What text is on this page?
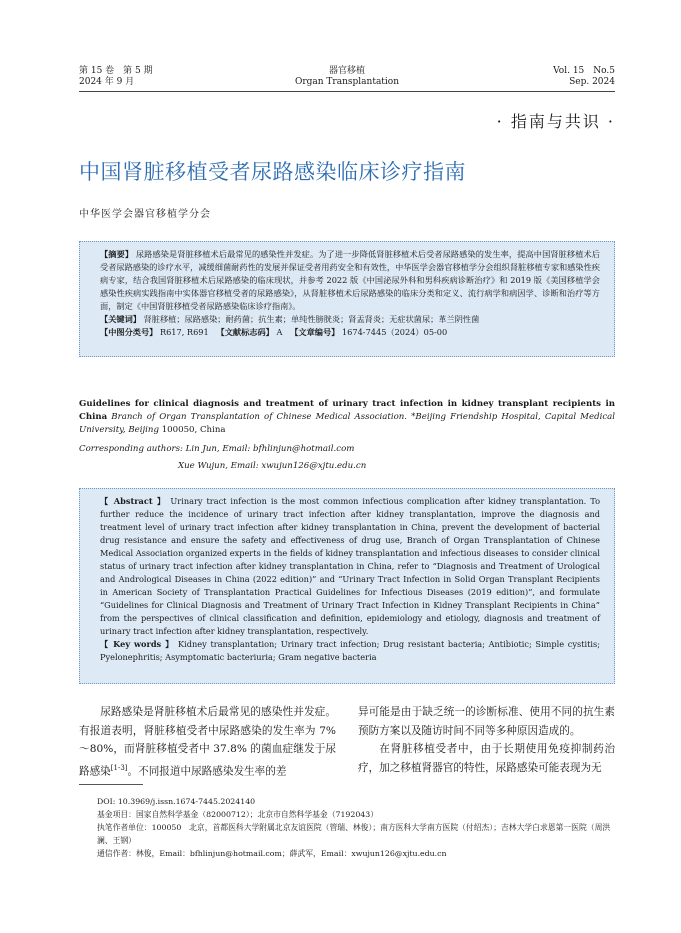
第 15 卷　第 5 期
2024 年 9 月
器官移植
Organ Transplantation
Vol. 15　No.5
Sep. 2024
· 指南与共识 ·
中国肾脏移植受者尿路感染临床诊疗指南
中华医学会器官移植学分会

【摘要】 尿路感染是肾脏移植术后最常见的感染性并发症。为了进一步降低肾脏移植术后受者尿路感染的发生率，提高中国肾脏移植术后受者尿路感染的诊疗水平，减缓细菌耐药性的发展并保证受者用药安全和有效性，中华医学会器官移植学分会组织肾脏移植专家和感染性疾病专家，结合我国肾脏移植术后尿路感染的临床现状，并参考 2022 版《中国泌尿外科和男科疾病诊断治疗》和 2019 版《美国移植学会感染性疾病实践指南中实体器官移植受者的尿路感染》，从肾脏移植术后尿路感染的临床分类和定义、流行病学和病因学、诊断和治疗等方面，制定《中国肾脏移植受者尿路感染临床诊疗指南》。

【关键词】 肾脏移植；尿路感染；耐药菌；抗生素；单纯性膀胱炎；肾盂肾炎；无症状菌尿；革兰阴性菌

【中图分类号】 R617, R691 【文献标志码】 A 【文章编号】 1674-7445（2024）05-00

Guidelines for clinical diagnosis and treatment of urinary tract infection in kidney transplant recipients in China Branch of Organ Transplantation of Chinese Medical Association. *Beijing Friendship Hospital, Capital Medical University, Beijing 100050, China
Corresponding authors: Lin Jun, Email: bfhlinjun@hotmail.com
Xue Wujun, Email: xwujun126@xjtu.edu.cn

【 Abstract 】 Urinary tract infection is the most common infectious complication after kidney transplantation. To further reduce the incidence of urinary tract infection after kidney transplantation, improve the diagnosis and treatment level of urinary tract infection after kidney transplantation in China, prevent the development of bacterial drug resistance and ensure the safety and effectiveness of drug use, Branch of Organ Transplantation of Chinese Medical Association organized experts in the fields of kidney transplantation and infectious diseases to consider clinical status of urinary tract infection after kidney transplantation in China, refer to “Diagnosis and Treatment of Urological and Andrological Diseases in China (2022 edition)” and “Urinary Tract Infection in Solid Organ Transplant Recipients in American Society of Transplantation Practical Guidelines for Infectious Diseases (2019 edition)”, and formulate “Guidelines for Clinical Diagnosis and Treatment of Urinary Tract Infection in Kidney Transplant Recipients in China” from the perspectives of clinical classification and definition, epidemiology and etiology, diagnosis and treatment of urinary tract infection after kidney transplantation, respectively.

【 Key words 】 Kidney transplantation; Urinary tract infection; Drug resistant bacteria; Antibiotic; Simple cystitis; Pyelonephritis; Asymptomatic bacteriuria; Gram negative bacteria

尿路感染是肾脏移植术后最常见的感染性并发症。有报道表明，肾脏移植受者中尿路感染的发生率为 7%～80%，而肾脏移植受者中 37.8% 的菌血症继发于尿路感染[1-3]。不同报道中尿路感染发生率的差

异可能是由于缺乏统一的诊断标准、使用不同的抗生素预防方案以及随访时间不同等多种原因造成的。

在肾脏移植受者中，由于长期使用免疫抑制药治疗，加之移植肾器官的特性，尿路感染可能表现为无

DOI: 10.3969/j.issn.1674-7445.2024140
基金项目：国家自然科学基金（82000712）；北京市自然科学基金（7192043）
执笔作者单位：100050　北京，首都医科大学附属北京友谊医院（管瑞、林俊）；南方医科大学南方医院（付绍杰）；吉林大学白求恩第一医院（周洪澜、王钢）
通信作者：林俊，Email：bfhlinjun@hotmail.com；薛武军，Email：xwujun126@xjtu.edu.cn
